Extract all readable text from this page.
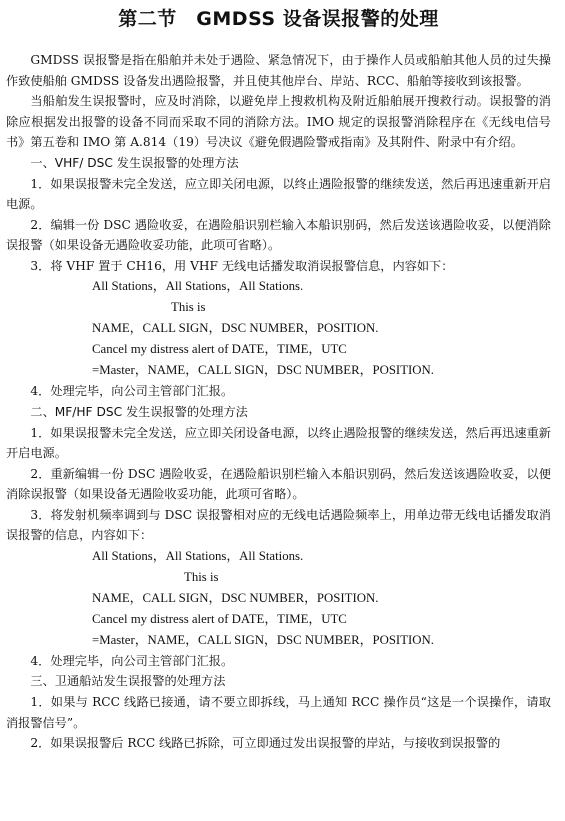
第二节　GMDSS 设备误报警的处理

GMDSS 误报警是指在船舶并未处于遇险、紧急情况下，由于操作人员或船舶其他人员的过失操作致使船舶 GMDSS 设备发出遇险报警，并且使其他岸台、岸站、RCC、船舶等接收到该报警。

当船舶发生误报警时，应及时消除，以避免岸上搜救机构及附近船舶展开搜救行动。误报警的消除应根据发出报警的设备不同而采取不同的消除方法。IMO 规定的误报警消除程序在《无线电信号书》第五卷和 IMO 第 A.814（19）号决议《避免假遇险警戒指南》及其附件、附录中有介绍。

一、VHF/ DSC 发生误报警的处理方法

1．如果误报警未完全发送，应立即关闭电源，以终止遇险报警的继续发送，然后再迅速重新开启电源。

2．编辑一份 DSC 遇险收妥，在遇险船识别栏输入本船识别码，然后发送该遇险收妥，以便消除误报警（如果设备无遇险收妥功能，此项可省略）。

3．将 VHF 置于 CH16，用 VHF 无线电话播发取消误报警信息，内容如下：

All Stations，All Stations，All Stations.

This is

NAME，CALL SIGN，DSC NUMBER，POSITION.

Cancel my distress alert of DATE，TIME，UTC

=Master，NAME，CALL SIGN，DSC NUMBER，POSITION.

4．处理完毕，向公司主管部门汇报。

二、MF/HF DSC 发生误报警的处理方法

1．如果误报警未完全发送，应立即关闭设备电源，以终止遇险报警的继续发送，然后再迅速重新开启电源。

2．重新编辑一份 DSC 遇险收妥，在遇险船识别栏输入本船识别码，然后发送该遇险收妥，以便消除误报警（如果设备无遇险收妥功能，此项可省略）。

3．将发射机频率调到与 DSC 误报警相对应的无线电话遇险频率上，用单边带无线电话播发取消误报警的信息，内容如下：

All Stations，All Stations，All Stations.

This is

NAME，CALL SIGN，DSC NUMBER，POSITION.

Cancel my distress alert of DATE，TIME，UTC

=Master，NAME，CALL SIGN，DSC NUMBER，POSITION.

4．处理完毕，向公司主管部门汇报。

三、卫通船站发生误报警的处理方法

1．如果与 RCC 线路已接通，请不要立即拆线，马上通知 RCC 操作员“这是一个误操作，请取消报警信号”。

2．如果误报警后 RCC 线路已拆除，可立即通过发出误报警的岸站，与接收到误报警的
